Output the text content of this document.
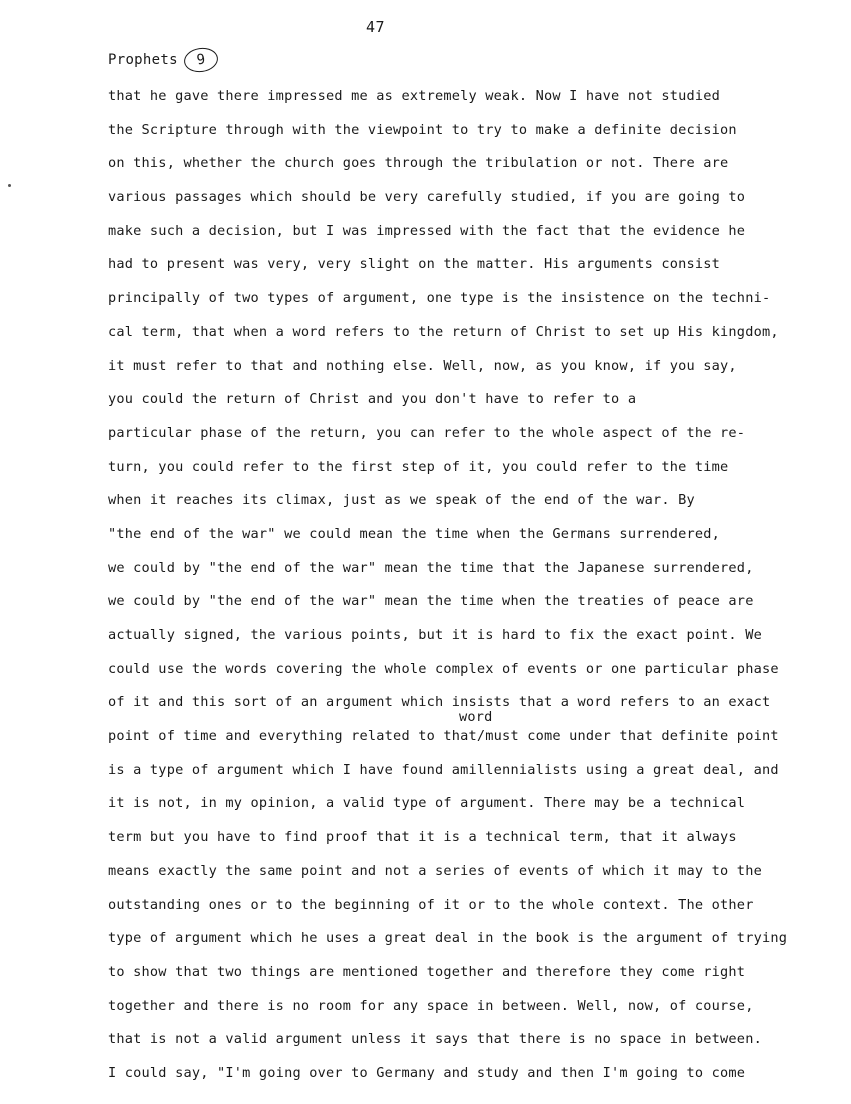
47
Prophets	9
word
that he gave there impressed me as extremely weak. Now I have not studied
the Scripture through with the viewpoint to try to make a definite decision
on this, whether the church goes through the tribulation or not. There are
various passages which should be very carefully studied, if you are going to
make such a decision, but I was impressed with the fact that the evidence he
had to present was very, very slight on the matter. His arguments consist
principally of two types of argument, one type is the insistence on the techni-
cal term, that when a word refers to the return of Christ to set up His kingdom,
it must refer to that and nothing else. Well, now, as you know, if you say,
you could the return of Christ and you don't have to refer to a
particular phase of the return, you can refer to the whole aspect of the re-
turn, you could refer to the first step of it, you could refer to the time
when it reaches its climax, just as we speak of the end of the war. By
"the end of the war" we could mean the time when the Germans surrendered,
we could by "the end of the war" mean the time that the Japanese surrendered,
we could by "the end of the war" mean the time when the treaties of peace are
actually signed, the various points, but it is hard to fix the exact point. We
could use the words covering the whole complex of events or one particular phase
of it and this sort of an argument which insists that a word refers to an exact
point of time and everything related to that/must come under that definite point
is a type of argument which I have found amillennialists using a great deal, and
it is not, in my opinion, a valid type of argument. There may be a technical
term but you have to find proof that it is a technical term, that it always
means exactly the same point and not a series of events of which it may to the
outstanding ones or to the beginning of it or to the whole context. The other
type of argument which he uses a great deal in the book is the argument of trying
to show that two things are mentioned together and therefore they come right
together and there is no room for any space in between. Well, now, of course,
that is not a valid argument unless it says that there is no space in between.
I could say, "I'm going over to Germany and study and then I'm going to come
